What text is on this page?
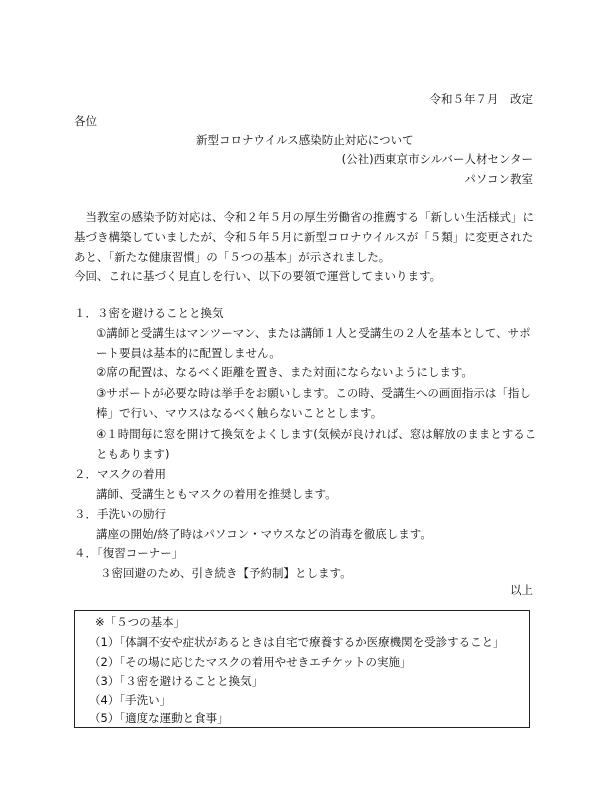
令和５年７月　改定
各位
新型コロナウイルス感染防止対応について
(公社)西東京市シルバー人材センター
パソコン教室
　当教室の感染予防対応は、令和２年５月の厚生労働省の推薦する「新しい生活様式」に
基づき構築していましたが、令和５年５月に新型コロナウイルスが「５類」に変更された
あと、「新たな健康習慣」の「５つの基本」が示されました。
今回、これに基づく見直しを行い、以下の要領で運営してまいります。
１．３密を避けることと換気
①講師と受講生はマンツーマン、または講師１人と受講生の２人を基本として、サポ
ート要員は基本的に配置しません。
②席の配置は、なるべく距離を置き、また対面にならないようにします。
③サポートが必要な時は挙手をお願いします。この時、受講生への画面指示は「指し
棒」で行い、マウスはなるべく触らないこととします。
④１時間毎に窓を開けて換気をよくします(気候が良ければ、窓は解放のままとするこ
ともあります)
２．マスクの着用
講師、受講生ともマスクの着用を推奨します。
３．手洗いの励行
講座の開始/終了時はパソコン・マウスなどの消毒を徹底します。
４．「復習コーナー」
３密回避のため、引き続き【予約制】とします。
以上
※「５つの基本」
（1）「体調不安や症状があるときは自宅で療養するか医療機関を受診すること」
（2）「その場に応じたマスクの着用やせきエチケットの実施」
（3）「３密を避けることと換気」
（4）「手洗い」
（5）「適度な運動と食事」
